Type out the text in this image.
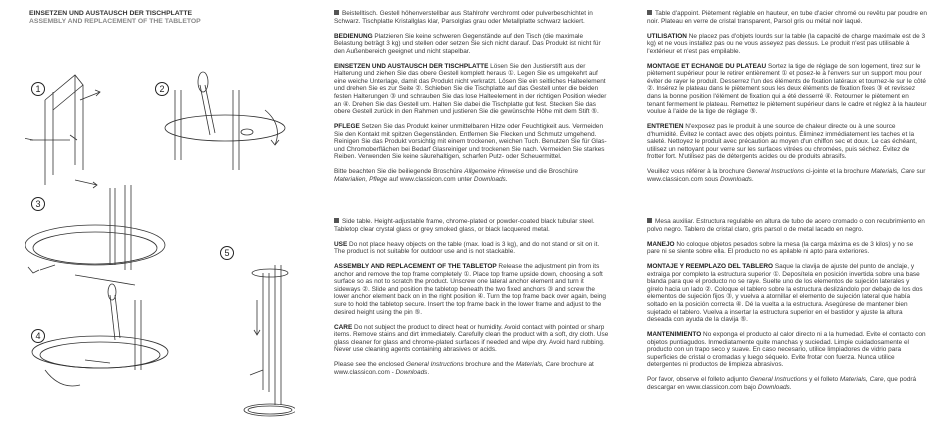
EINSETZEN UND AUSTAUSCH DER TISCHPLATTE
ASSEMBLY AND REPLACEMENT OF THE TABLETOP
1	2
3
5
4

Beistelltisch. Gestell höhenverstellbar aus Stahlrohr verchromt oder pulverbeschichtet in Schwarz. Tischplatte Kristallglas klar, Parsolglas grau oder Metallplatte schwarz lackiert.

BEDIENUNG Platzieren Sie keine schweren Gegenstände auf den Tisch (die maximale Belastung beträgt 3 kg) und stellen oder setzen Sie sich nicht darauf. Das Produkt ist nicht für den Außenbereich geeignet und nicht stapelbar.

EINSETZEN UND AUSTAUSCH DER TISCHPLATTE Lösen Sie den Justierstift aus der Halterung und ziehen Sie das obere Gestell komplett heraus ①. Legen Sie es umgekehrt auf eine weiche Unterlage, damit das Produkt nicht verkratzt. Lösen Sie ein seitliches Halteelement und drehen Sie es zur Seite ②. Schieben Sie die Tischplatte auf das Gestell unter die beiden festen Halterungen ③ und schrauben Sie das lose Halteelement in der richtigen Position wieder an ④. Drehen Sie das Gestell um. Halten Sie dabei die Tischplatte gut fest. Stecken Sie das obere Gestell zurück in den Rahmen und justieren Sie die gewünschte Höhe mit dem Stift ⑤.

PFLEGE Setzen Sie das Produkt keiner unmittelbaren Hitze oder Feuchtigkeit aus. Vermeiden Sie den Kontakt mit spitzen Gegenständen. Entfernen Sie Flecken und Schmutz umgehend. Reinigen Sie das Produkt vorsichtig mit einem trockenen, weichen Tuch. Benutzen Sie für Glas- und Chromoberflächen bei Bedarf Glasreiniger und trockenen Sie nach. Vermeiden Sie starkes Reiben. Verwenden Sie keine säurehaltigen, scharfen Putz- oder Scheuermittel.

Bitte beachten Sie die beiliegende Broschüre Allgemeine Hinweise und die Broschüre Materialien, Pflege auf www.classicon.com unter Downloads.

Side table. Height-adjustable frame, chrome-plated or powder-coated black tubular steel. Tabletop clear crystal glass or grey smoked glass, or black lacquered metal.

USE Do not place heavy objects on the table (max. load is 3 kg), and do not stand or sit on it. The product is not suitable for outdoor use and is not stackable.

ASSEMBLY AND REPLACEMENT OF THE TABLETOP Release the adjustment pin from its anchor and remove the top frame completely ①. Place top frame upside down, choosing a soft surface so as not to scratch the product. Unscrew one lateral anchor element and turn it sideways ②. Slide and position the tabletop beneath the two fixed anchors ③ and screw the lower anchor element back on in the right position ④. Turn the top frame back over again, being sure to hold the tabletop secure. Insert the top frame back in the lower frame and adjust to the desired height using the pin ⑤.

CARE Do not subject the product to direct heat or humidity. Avoid contact with pointed or sharp items. Remove stains and dirt immediately. Carefully clean the product with a soft, dry cloth. Use glass cleaner for glass and chrome-plated surfaces if needed and wipe dry. Avoid hard rubbing. Never use cleaning agents containing abrasives or acids.

Please see the enclosed General Instructions brochure and the Materials, Care brochure at www.classicon.com - Downloads.

Table d'appoint. Piètement réglable en hauteur, en tube d'acier chromé ou revêtu par poudre en noir. Plateau en verre de cristal transparent, Parsol gris ou métal noir laqué.

UTILISATION Ne placez pas d'objets lourds sur la table (la capacité de charge maximale est de 3 kg) et ne vous installez pas ou ne vous asseyez pas dessus. Le produit n'est pas utilisable à l'extérieur et n'est pas empilable.

MONTAGE ET ECHANGE DU PLATEAU Sortez la tige de réglage de son logement, tirez sur le piètement supérieur pour le retirer entièrement ① et posez-le à l'envers sur un support mou pour éviter de rayer le produit. Desserrez l'un des éléments de fixation latéraux et tournez-le sur le côté ②. Insérez le plateau dans le piètement sous les deux éléments de fixation fixes ③ et revissez dans la bonne position l'élément de fixation qui a été desserré ④. Retourner le piètement en tenant fermement le plateau. Remettez le piètement supérieur dans le cadre et réglez à la hauteur voulue à l'aide de la tige de réglage ⑤.

ENTRETIEN N'exposez pas le produit à une source de chaleur directe ou à une source d'humidité. Évitez le contact avec des objets pointus. Éliminez immédiatement les taches et la saleté. Nettoyez le produit avec précaution au moyen d'un chiffon sec et doux. Le cas échéant, utilisez un nettoyant pour verre sur les surfaces vitrées ou chromées, puis séchez. Évitez de frotter fort. N'utilisez pas de détergents acides ou de produits abrasifs.

Veuillez vous référer à la brochure General Instructions ci-jointe et la brochure Materials, Care sur www.classicon.com sous Downloads.

Mesa auxiliar. Estructura regulable en altura de tubo de acero cromado o con recubrimiento en polvo negro. Tablero de cristal claro, gris parsol o de metal lacado en negro.

MANEJO No coloque objetos pesados sobre la mesa (la carga máxima es de 3 kilos) y no se pare ni se siente sobre ella. El producto no es apilable ni apto para exteriores.

MONTAJE Y REEMPLAZO DEL TABLERO Saque la clavija de ajuste del punto de anclaje, y extraiga por completo la estructura superior ①. Deposítela en posición invertida sobre una base blanda para que el producto no se raye. Suelte uno de los elementos de sujeción laterales y gírelo hacia un lado ②. Coloque el tablero sobre la estructura deslizándolo por debajo de los dos elementos de sujeción fijos ③, y vuelva a atornillar el elemento de sujeción lateral que había soltado en la posición correcta ④. Dé la vuelta a la estructura. Asegúrese de mantener bien sujetado el tablero. Vuelva a insertar la estructura superior en el bastidor y ajuste la altura deseada con ayuda de la clavija ⑤.

MANTENIMIENTO No exponga el producto al calor directo ni a la humedad. Evite el contacto con objetos puntiagudos. Inmediatamente quite manchas y suciedad. Limpie cuidadosamente el producto con un trapo seco y suave. En caso necesario, utilice limpiadores de vidrio para superficies de cristal o cromadas y luego séquelo. Evite frotar con fuerza. Nunca utilice detergentes ni productos de limpieza abrasivos.

Por favor, observe el folleto adjunto General Instructions y el folleto Materials, Care, que podrá descargar en www.classicon.com bajo Downloads.
